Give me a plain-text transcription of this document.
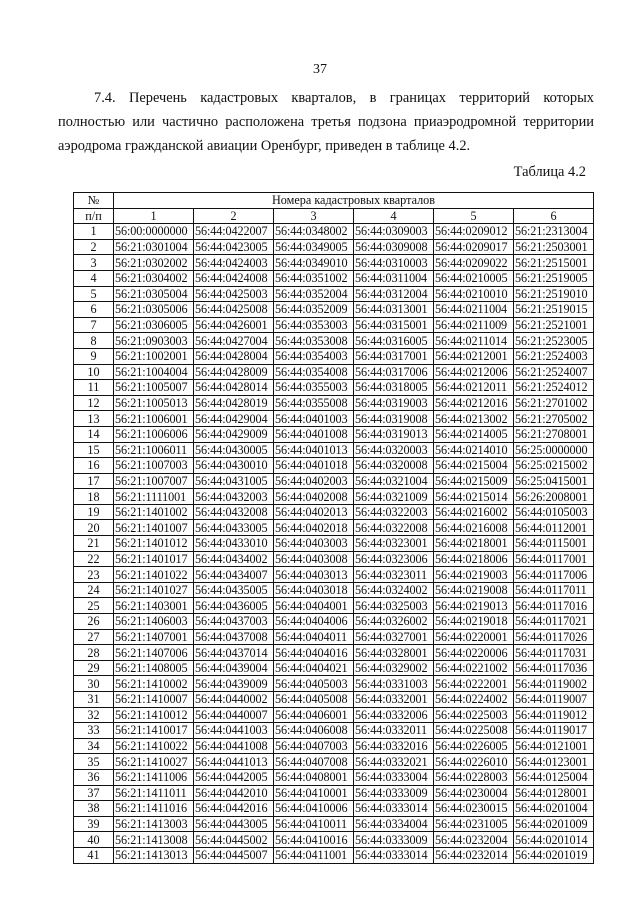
37
7.4. Перечень кадастровых кварталов, в границах территорий которых
полностью или частично расположена третья подзона приаэродромной территории
аэродрома гражданской авиации Оренбург, приведен в таблице 4.2.
Таблица 4.2
№	Номера кадастровых кварталов					
п/п	1	2	3	4	5	6
1	56:00:0000000	56:44:0422007	56:44:0348002	56:44:0309003	56:44:0209012	56:21:2313004
2	56:21:0301004	56:44:0423005	56:44:0349005	56:44:0309008	56:44:0209017	56:21:2503001
3	56:21:0302002	56:44:0424003	56:44:0349010	56:44:0310003	56:44:0209022	56:21:2515001
4	56:21:0304002	56:44:0424008	56:44:0351002	56:44:0311004	56:44:0210005	56:21:2519005
5	56:21:0305004	56:44:0425003	56:44:0352004	56:44:0312004	56:44:0210010	56:21:2519010
6	56:21:0305006	56:44:0425008	56:44:0352009	56:44:0313001	56:44:0211004	56:21:2519015
7	56:21:0306005	56:44:0426001	56:44:0353003	56:44:0315001	56:44:0211009	56:21:2521001
8	56:21:0903003	56:44:0427004	56:44:0353008	56:44:0316005	56:44:0211014	56:21:2523005
9	56:21:1002001	56:44:0428004	56:44:0354003	56:44:0317001	56:44:0212001	56:21:2524003
10	56:21:1004004	56:44:0428009	56:44:0354008	56:44:0317006	56:44:0212006	56:21:2524007
11	56:21:1005007	56:44:0428014	56:44:0355003	56:44:0318005	56:44:0212011	56:21:2524012
12	56:21:1005013	56:44:0428019	56:44:0355008	56:44:0319003	56:44:0212016	56:21:2701002
13	56:21:1006001	56:44:0429004	56:44:0401003	56:44:0319008	56:44:0213002	56:21:2705002
14	56:21:1006006	56:44:0429009	56:44:0401008	56:44:0319013	56:44:0214005	56:21:2708001
15	56:21:1006011	56:44:0430005	56:44:0401013	56:44:0320003	56:44:0214010	56:25:0000000
16	56:21:1007003	56:44:0430010	56:44:0401018	56:44:0320008	56:44:0215004	56:25:0215002
17	56:21:1007007	56:44:0431005	56:44:0402003	56:44:0321004	56:44:0215009	56:25:0415001
18	56:21:1111001	56:44:0432003	56:44:0402008	56:44:0321009	56:44:0215014	56:26:2008001
19	56:21:1401002	56:44:0432008	56:44:0402013	56:44:0322003	56:44:0216002	56:44:0105003
20	56:21:1401007	56:44:0433005	56:44:0402018	56:44:0322008	56:44:0216008	56:44:0112001
21	56:21:1401012	56:44:0433010	56:44:0403003	56:44:0323001	56:44:0218001	56:44:0115001
22	56:21:1401017	56:44:0434002	56:44:0403008	56:44:0323006	56:44:0218006	56:44:0117001
23	56:21:1401022	56:44:0434007	56:44:0403013	56:44:0323011	56:44:0219003	56:44:0117006
24	56:21:1401027	56:44:0435005	56:44:0403018	56:44:0324002	56:44:0219008	56:44:0117011
25	56:21:1403001	56:44:0436005	56:44:0404001	56:44:0325003	56:44:0219013	56:44:0117016
26	56:21:1406003	56:44:0437003	56:44:0404006	56:44:0326002	56:44:0219018	56:44:0117021
27	56:21:1407001	56:44:0437008	56:44:0404011	56:44:0327001	56:44:0220001	56:44:0117026
28	56:21:1407006	56:44:0437014	56:44:0404016	56:44:0328001	56:44:0220006	56:44:0117031
29	56:21:1408005	56:44:0439004	56:44:0404021	56:44:0329002	56:44:0221002	56:44:0117036
30	56:21:1410002	56:44:0439009	56:44:0405003	56:44:0331003	56:44:0222001	56:44:0119002
31	56:21:1410007	56:44:0440002	56:44:0405008	56:44:0332001	56:44:0224002	56:44:0119007
32	56:21:1410012	56:44:0440007	56:44:0406001	56:44:0332006	56:44:0225003	56:44:0119012
33	56:21:1410017	56:44:0441003	56:44:0406008	56:44:0332011	56:44:0225008	56:44:0119017
34	56:21:1410022	56:44:0441008	56:44:0407003	56:44:0332016	56:44:0226005	56:44:0121001
35	56:21:1410027	56:44:0441013	56:44:0407008	56:44:0332021	56:44:0226010	56:44:0123001
36	56:21:1411006	56:44:0442005	56:44:0408001	56:44:0333004	56:44:0228003	56:44:0125004
37	56:21:1411011	56:44:0442010	56:44:0410001	56:44:0333009	56:44:0230004	56:44:0128001
38	56:21:1411016	56:44:0442016	56:44:0410006	56:44:0333014	56:44:0230015	56:44:0201004
39	56:21:1413003	56:44:0443005	56:44:0410011	56:44:0334004	56:44:0231005	56:44:0201009
40	56:21:1413008	56:44:0445002	56:44:0410016	56:44:0333009	56:44:0232004	56:44:0201014
41	56:21:1413013	56:44:0445007	56:44:0411001	56:44:0333014	56:44:0232014	56:44:0201019
